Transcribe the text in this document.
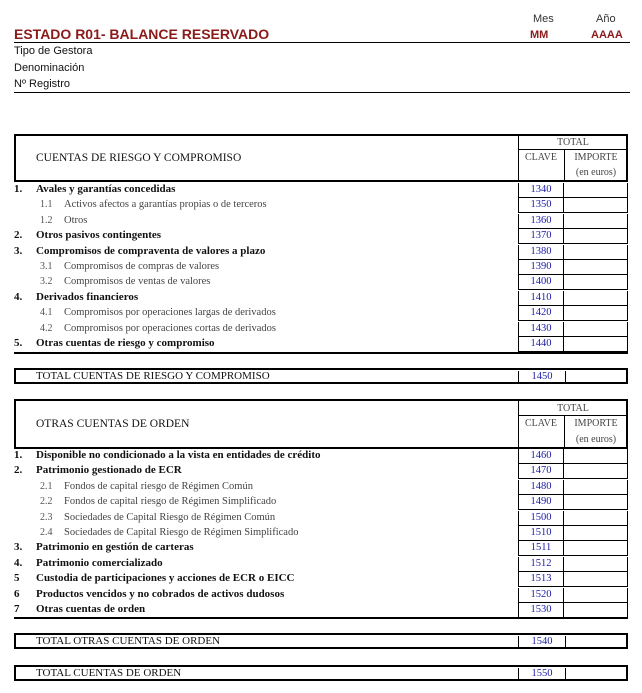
Mes	Año
ESTADO R01- BALANCE RESERVADO	MM	AAAA
Tipo de Gestora
Denominación
Nº Registro
TOTAL
CUENTAS DE RIESGO Y COMPROMISO	CLAVE	IMPORTE
(en euros)
1. Avales y garantías concedidas	1340
1.1 Activos afectos a garantías propias o de terceros	1350
1.2 Otros	1360
2. Otros pasivos contingentes	1370
3. Compromisos de compraventa de valores a plazo	1380
3.1 Compromisos de compras de valores	1390
3.2 Compromisos de ventas de valores	1400
4. Derivados financieros	1410
4.1 Compromisos por operaciones largas de derivados	1420
4.2 Compromisos por operaciones cortas de derivados	1430
5. Otras cuentas de riesgo y compromiso	1440
TOTAL CUENTAS DE RIESGO Y COMPROMISO	1450
TOTAL
OTRAS CUENTAS DE ORDEN	CLAVE	IMPORTE
(en euros)
1. Disponible no condicionado a la vista en entidades de crédito	1460
2. Patrimonio gestionado de ECR	1470
2.1 Fondos de capital riesgo de Régimen Común	1480
2.2 Fondos de capital riesgo de Régimen Simplificado	1490
2.3 Sociedades de Capital Riesgo de Régimen Común	1500
2.4 Sociedades de Capital Riesgo de Régimen Simplificado	1510
3. Patrimonio en gestión de carteras	1511
4. Patrimonio comercializado	1512
5 Custodia de participaciones y acciones de ECR o EICC	1513
6 Productos vencidos y no cobrados de activos dudosos	1520
7 Otras cuentas de orden	1530
TOTAL OTRAS CUENTAS DE ORDEN	1540
TOTAL CUENTAS DE ORDEN	1550
